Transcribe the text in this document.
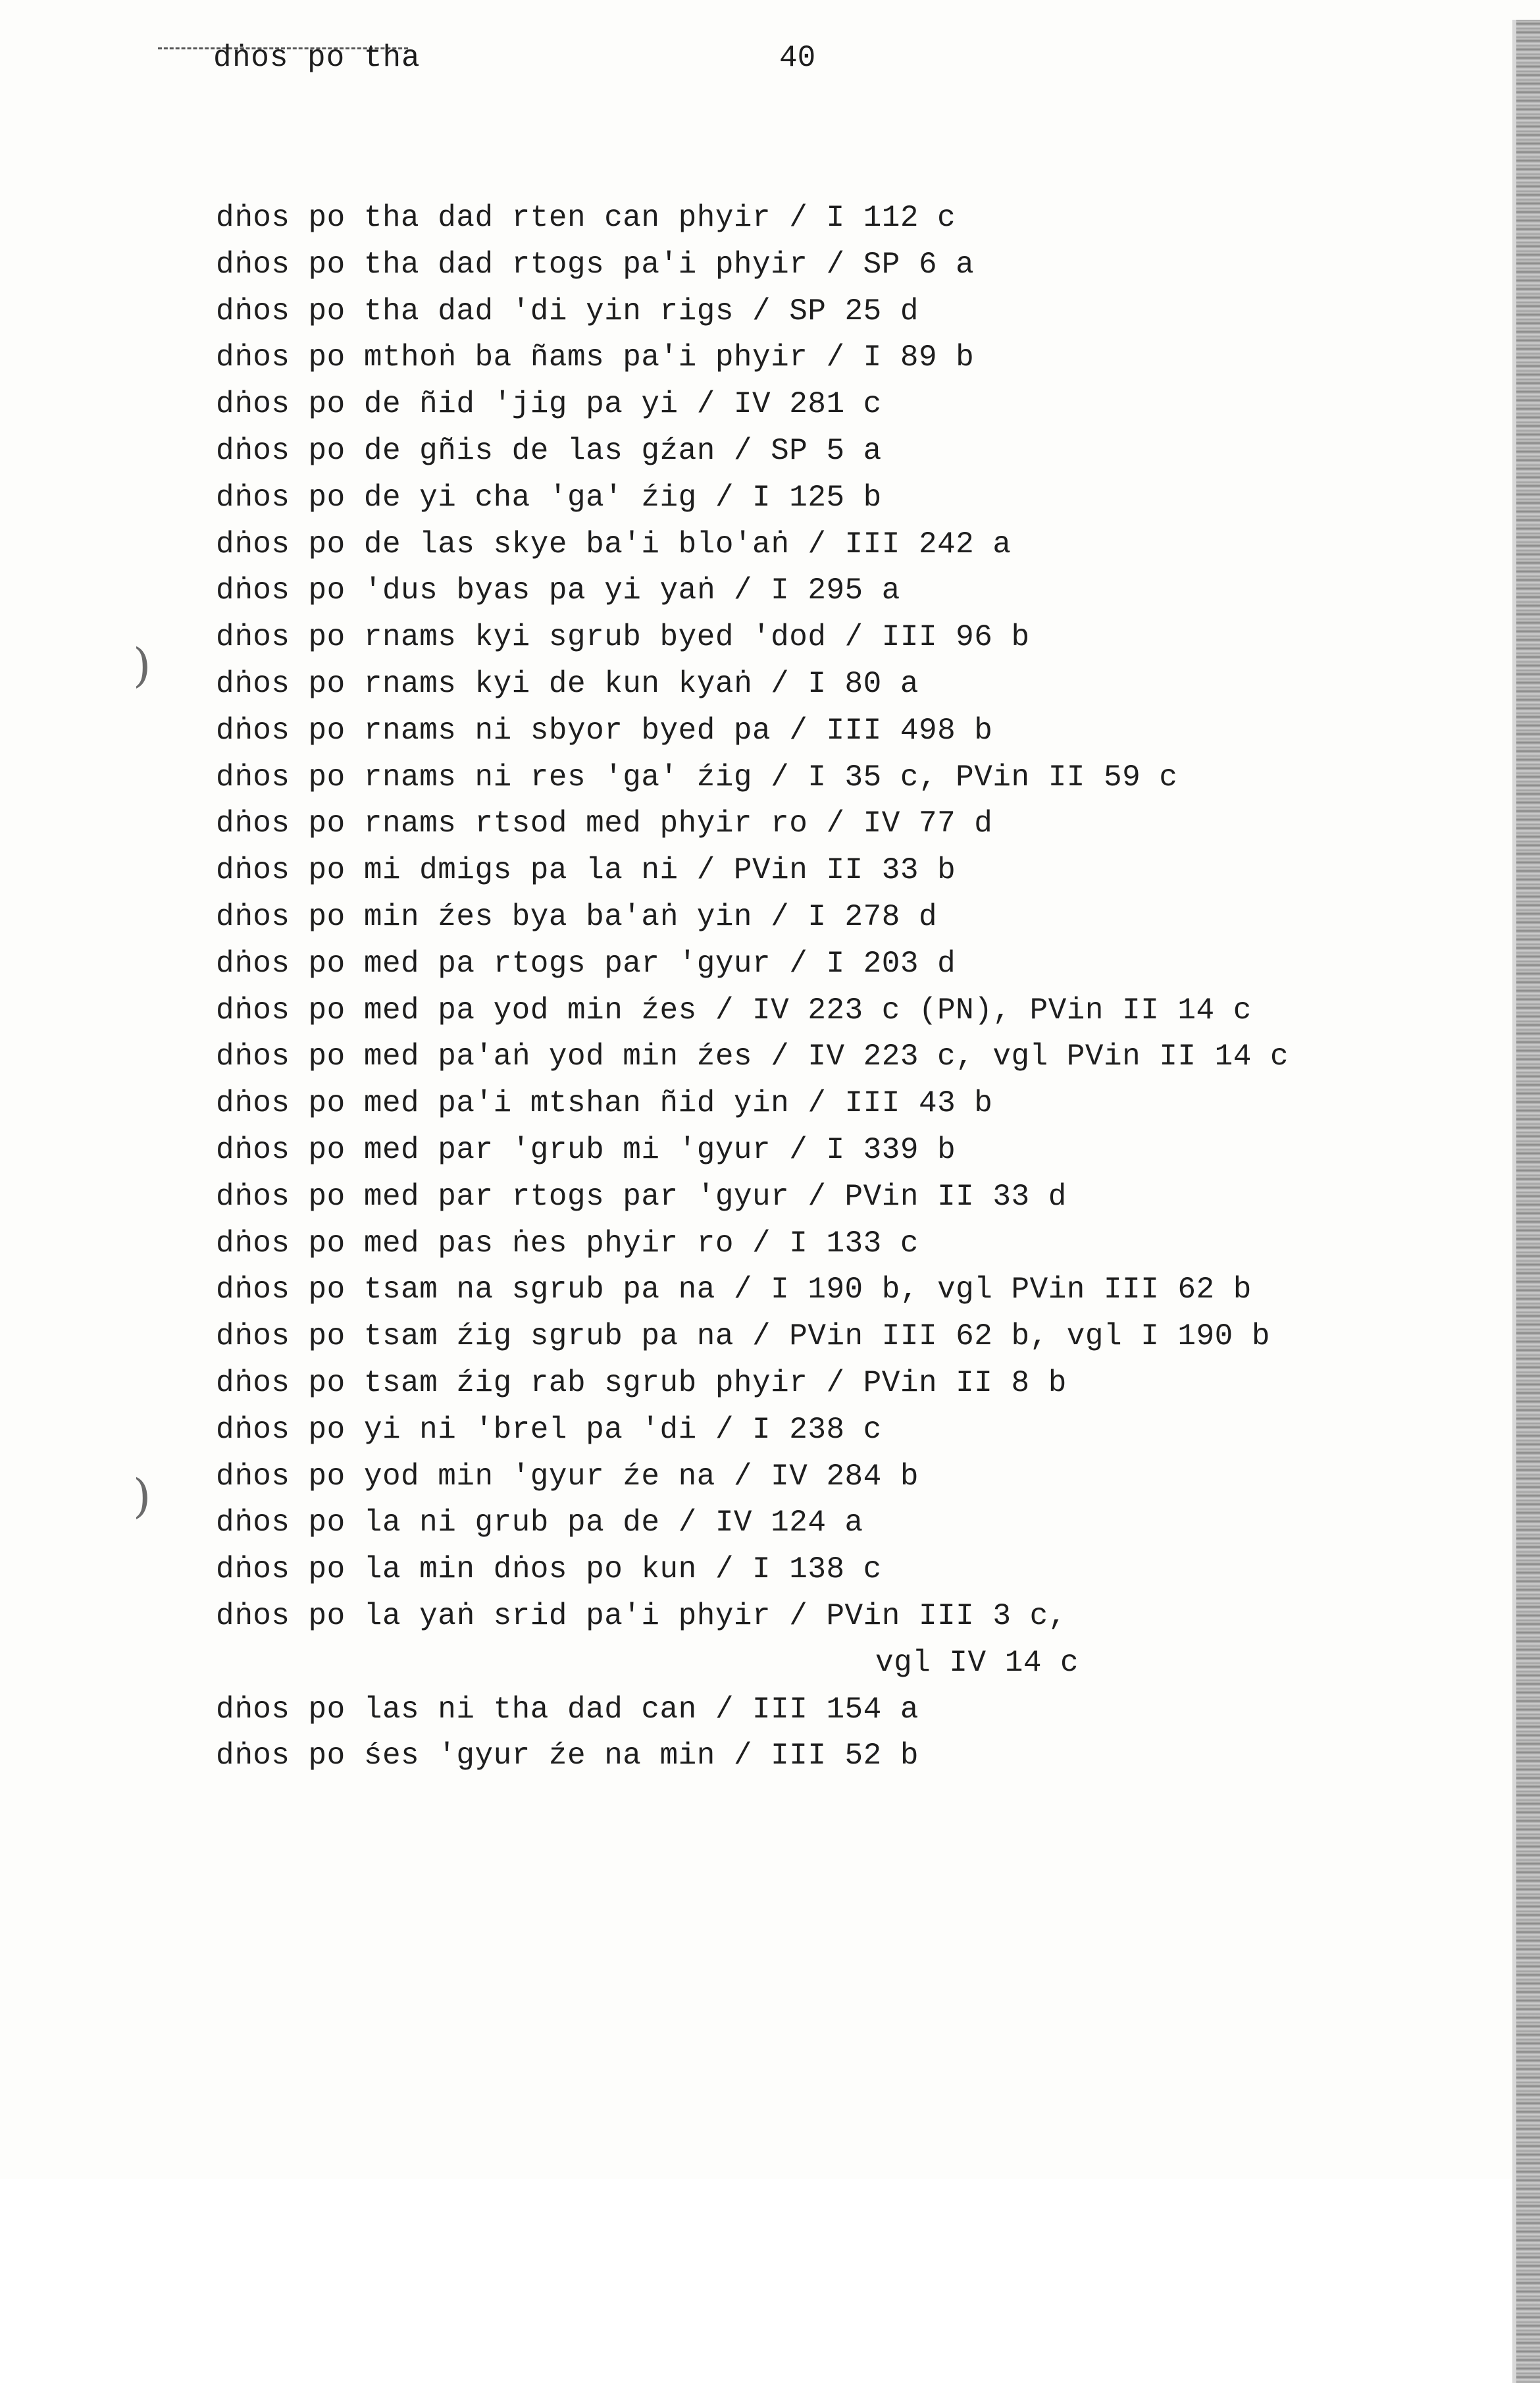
dṅos po tha	40
)
)
dṅos po tha dad rten can phyir / I 112 c
dṅos po tha dad rtogs pa'i phyir / SP 6 a
dṅos po tha dad 'di yin rigs / SP 25 d
dṅos po mthoṅ ba ñams pa'i phyir / I 89 b
dṅos po de ñid 'jig pa yi / IV 281 c
dṅos po de gñis de las gźan / SP 5 a
dṅos po de yi cha 'ga' źig / I 125 b
dṅos po de las skye ba'i blo'aṅ / III 242 a
dṅos po 'dus byas pa yi yaṅ / I 295 a
dṅos po rnams kyi sgrub byed 'dod / III 96 b
dṅos po rnams kyi de kun kyaṅ / I 80 a
dṅos po rnams ni sbyor byed pa / III 498 b
dṅos po rnams ni res 'ga' źig / I 35 c, PVin II 59 c
dṅos po rnams rtsod med phyir ro / IV 77 d
dṅos po mi dmigs pa la ni / PVin II 33 b
dṅos po min źes bya ba'aṅ yin / I 278 d
dṅos po med pa rtogs par 'gyur / I 203 d
dṅos po med pa yod min źes / IV 223 c (PN), PVin II 14 c
dṅos po med pa'aṅ yod min źes / IV 223 c, vgl PVin II 14 c
dṅos po med pa'i mtshan ñid yin / III 43 b
dṅos po med par 'grub mi 'gyur / I 339 b
dṅos po med par rtogs par 'gyur / PVin II 33 d
dṅos po med pas ṅes phyir ro / I 133 c
dṅos po tsam na sgrub pa na / I 190 b, vgl PVin III 62 b
dṅos po tsam źig sgrub pa na / PVin III 62 b, vgl I 190 b
dṅos po tsam źig rab sgrub phyir / PVin II 8 b
dṅos po yi ni 'brel pa 'di / I 238 c
dṅos po yod min 'gyur źe na / IV 284 b
dṅos po la ni grub pa de / IV 124 a
dṅos po la min dṅos po kun / I 138 c
dṅos po la yaṅ srid pa'i phyir / PVin III 3 c,
vgl IV 14 c
dṅos po las ni tha dad can / III 154 a
dṅos po śes 'gyur źe na min / III 52 b
